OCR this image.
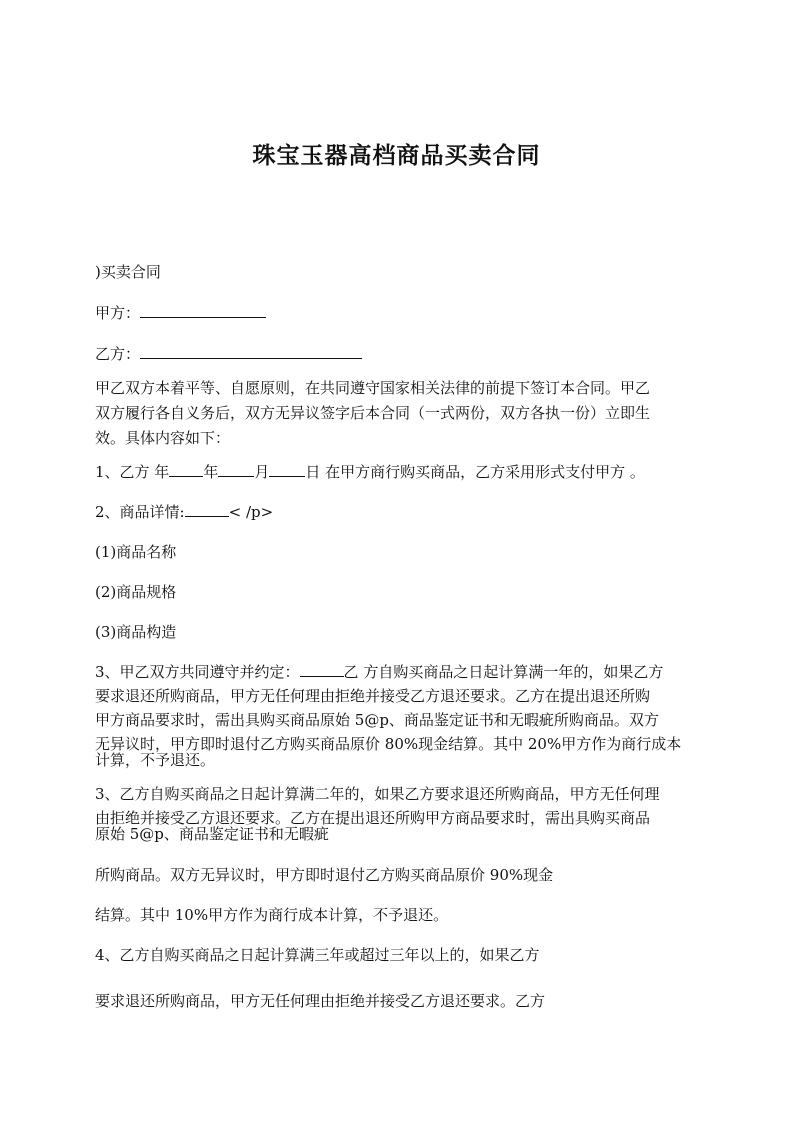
珠宝玉器高档商品买卖合同
)买卖合同
甲方：
乙方：
甲乙双方本着平等、自愿原则，在共同遵守国家相关法律的前提下签订本合同。甲乙
双方履行各自义务后，双方无异议签字后本合同（一式两份，双方各执一份）立即生
效。具体内容如下：
1、乙方 年 年 月 日 在甲方商行购买商品，乙方采用形式支付甲方 。
2、商品详情:	< /p>
(1)商品名称
(2)商品规格
(3)商品构造
3、甲乙双方共同遵守并约定：	乙 方自购买商品之日起计算满一年的，如果乙方
要求退还所购商品，甲方无任何理由拒绝并接受乙方退还要求。乙方在提出退还所购
甲方商品要求时，需出具购买商品原始 5@p、商品鉴定证书和无暇疵所购商品。双方
无异议时，甲方即时退付乙方购买商品原价 80%现金结算。其中 20%甲方作为商行成本
计算，不予退还。
3、乙方自购买商品之日起计算满二年的，如果乙方要求退还所购商品，甲方无任何理
由拒绝并接受乙方退还要求。乙方在提出退还所购甲方商品要求时，需出具购买商品
原始 5@p、商品鉴定证书和无暇疵
所购商品。双方无异议时，甲方即时退付乙方购买商品原价 90%现金
结算。其中 10%甲方作为商行成本计算，不予退还。
4、乙方自购买商品之日起计算满三年或超过三年以上的，如果乙方
要求退还所购商品，甲方无任何理由拒绝并接受乙方退还要求。乙方
